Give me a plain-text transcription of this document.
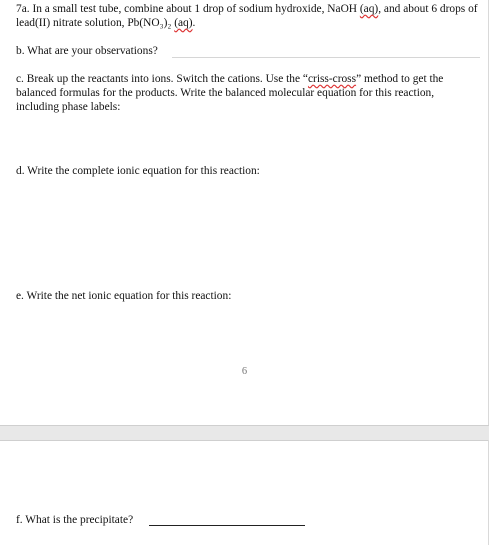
7a. In a small test tube, combine about 1 drop of sodium hydroxide, NaOH (aq), and about 6 drops of lead(II) nitrate solution, Pb(NO₃)₂ (aq).
b. What are your observations?
c. Break up the reactants into ions. Switch the cations. Use the “criss-cross” method to get the balanced formulas for the products. Write the balanced molecular equation for this reaction, including phase labels:
d. Write the complete ionic equation for this reaction:
e. Write the net ionic equation for this reaction:
6
f. What is the precipitate?
